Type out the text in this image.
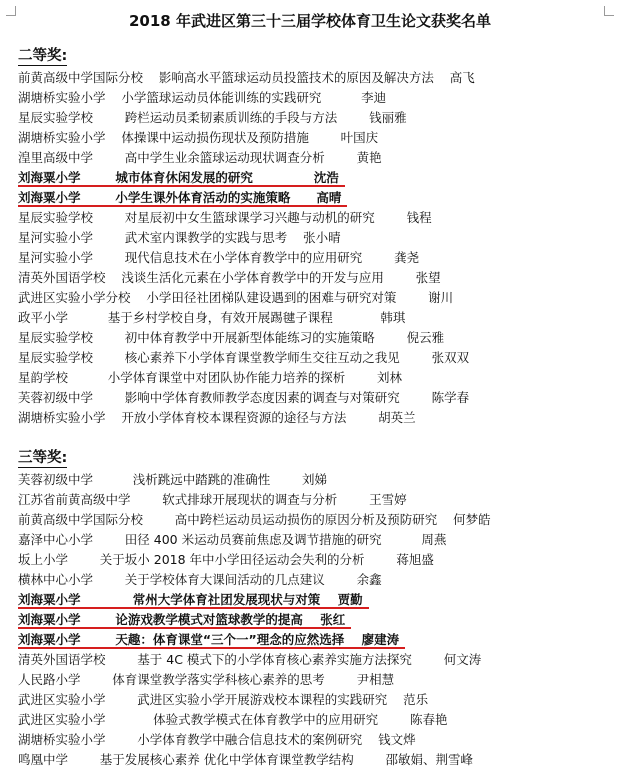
2018 年武进区第三十三届学校体育卫生论文获奖名单
二等奖:
前黄高级中学国际分校    影响高水平篮球运动员投篮技术的原因及解决方法    高飞
湖塘桥实验小学    小学篮球运动员体能训练的实践研究          李迪
星辰实验学校        跨栏运动员柔韧素质训练的手段与方法        钱丽雅
湖塘桥实验小学    体操课中运动损伤现状及预防措施        叶国庆
湟里高级中学        高中学生业余篮球运动现状调查分析        黄艳
刘海粟小学        城市体育休闲发展的研究              沈浩
刘海粟小学        小学生课外体育活动的实施策略      高晴
星辰实验学校        对星辰初中女生篮球课学习兴趣与动机的研究        钱程
星河实验小学        武术室内课教学的实践与思考    张小晴
星河实验小学        现代信息技术在小学体育教学中的应用研究        龚尧
清英外国语学校    浅谈生活化元素在小学体育教学中的开发与应用        张望
武进区实验小学分校    小学田径社团梯队建设遇到的困难与研究对策        谢川
政平小学          基于乡村学校自身，有效开展踢毽子课程            韩琪
星辰实验学校        初中体育教学中开展新型体能练习的实施策略        倪云雅
星辰实验学校        核心素养下小学体育课堂教学师生交往互动之我见        张双双
星韵学校          小学体育课堂中对团队协作能力培养的探析        刘林
芙蓉初级中学        影响中学体育教师教学态度因素的调查与对策研究        陈学春
湖塘桥实验小学    开放小学体育校本课程资源的途径与方法        胡英兰
三等奖:
芙蓉初级中学          浅析跳远中踏跳的准确性        刘娣
江苏省前黄高级中学        软式排球开展现状的调查与分析        王雪婷
前黄高级中学国际分校        高中跨栏运动员运动损伤的原因分析及预防研究    何梦皓
嘉泽中心小学        田径 400 米运动员赛前焦虑及调节措施的研究          周燕
坂上小学        关于坂小 2018 年中小学田径运动会失利的分析        蒋旭盛
横林中心小学        关于学校体育大课间活动的几点建议        余鑫
刘海粟小学            常州大学体育社团发展现状与对策    贾勤
刘海粟小学        论游戏教学模式对篮球教学的提高    张红
刘海粟小学        天趣：体育课堂“三个一”理念的应然选择    廖建涛
清英外国语学校        基于 4C 模式下的小学体育核心素养实施方法探究        何文涛
人民路小学        体育课堂教学落实学科核心素养的思考        尹相慧
武进区实验小学        武进区实验小学开展游戏校本课程的实践研究    范乐
武进区实验小学            体验式教学模式在体育教学中的应用研究        陈春艳
湖塘桥实验小学        小学体育教学中融合信息技术的案例研究    钱文烨
鸣凰中学        基于发展核心素养 优化中学体育课堂教学结构        邵敏娟、荆雪峰
